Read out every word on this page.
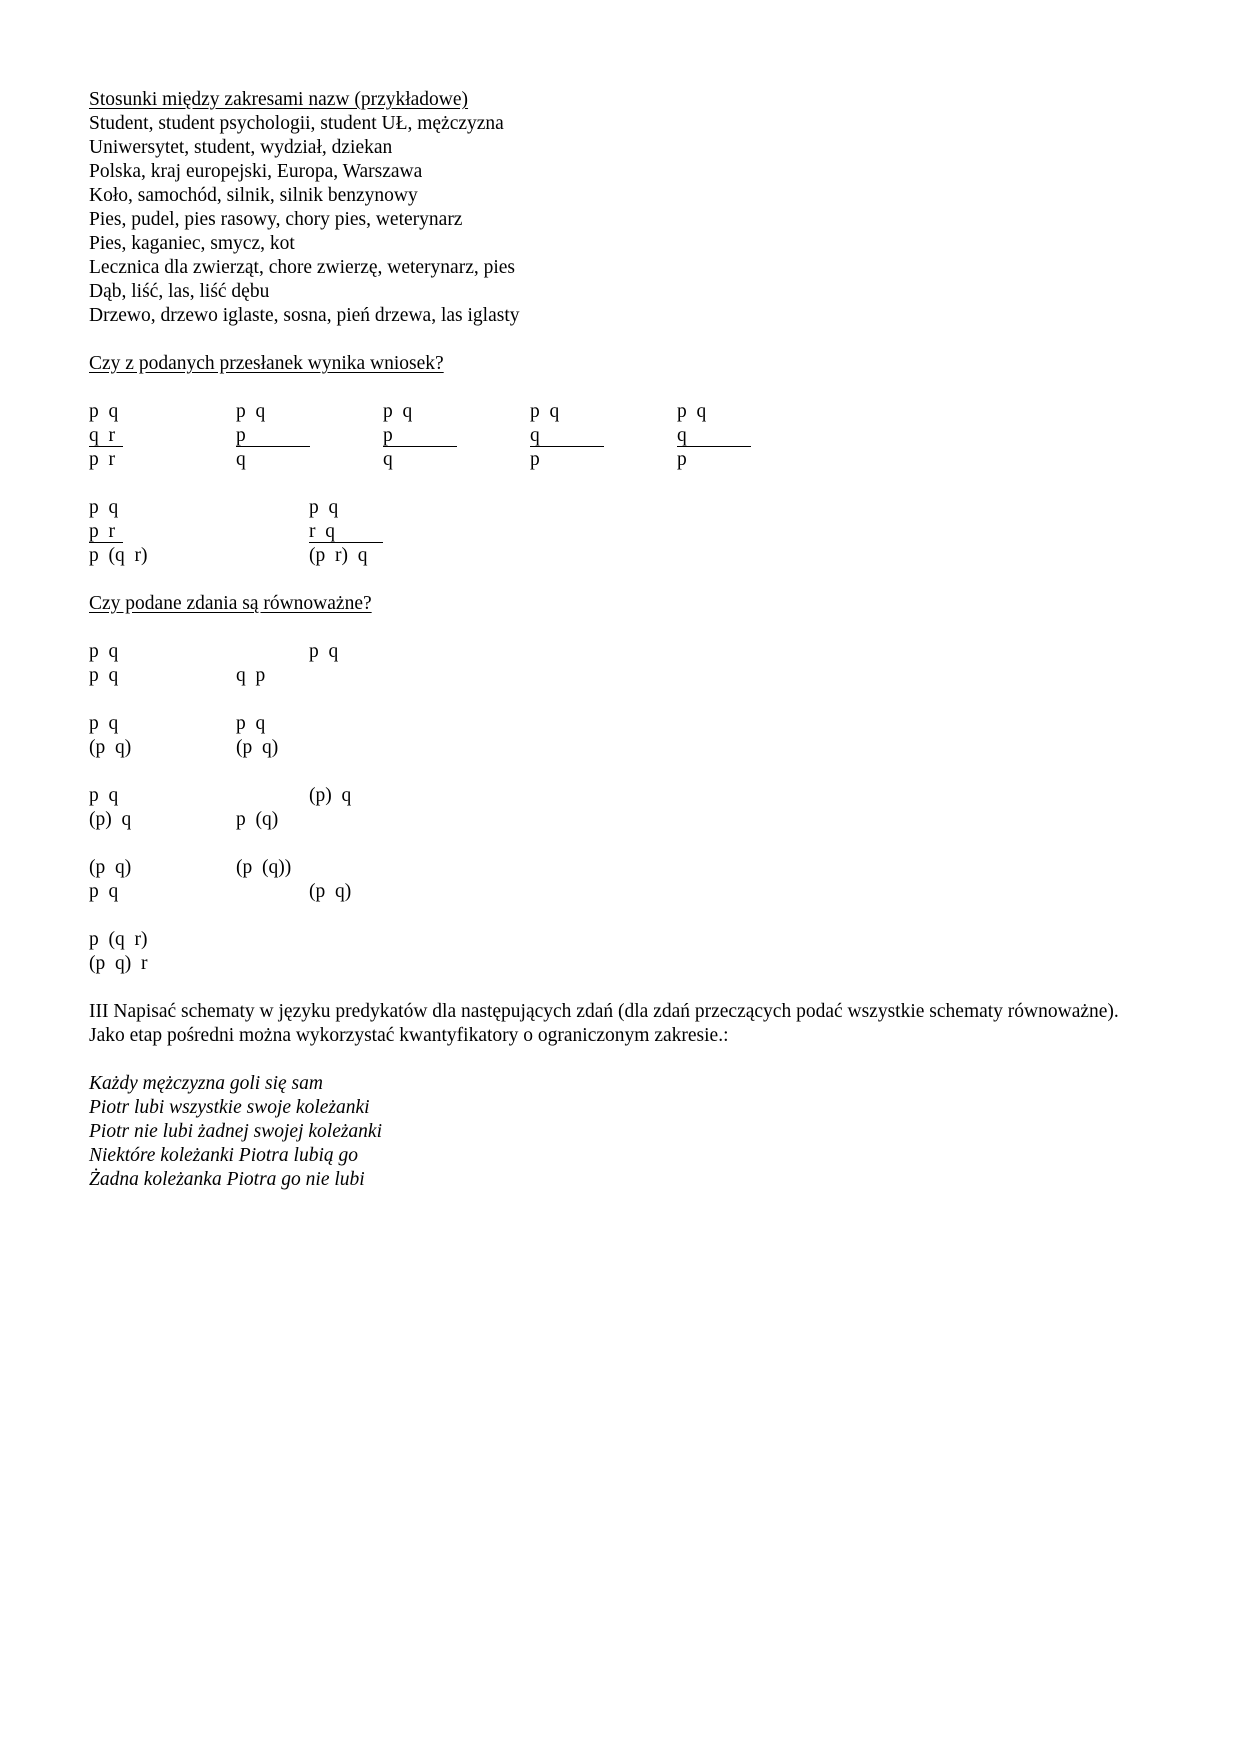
Stosunki między zakresami nazw (przykładowe)
Student, student psychologii, student UŁ, mężczyzna
Uniwersytet, student, wydział, dziekan
Polska, kraj europejski, Europa, Warszawa
Koło, samochód, silnik, silnik benzynowy
Pies, pudel, pies rasowy, chory pies, weterynarz
Pies, kaganiec, smycz, kot
Lecznica dla zwierząt, chore zwierzę, weterynarz, pies
Dąb, liść, las, liść dębu
Drzewo, drzewo iglaste, sosna, pień drzewa, las iglasty
Czy z podanych przesłanek wynika wniosek?
p  q	p  q	p  q	p  q	p  q
q  r	p	p	q	q
p  r	q	q	p	p
p  q	p  q
p  r	r  q
p  (q  r)	(p  r)  q
Czy podane zdania są równoważne?
p  q	p  q
p  q	q  p
p  q	p  q
(p  q)	(p  q)
p  q	(p)  q
(p)  q	p  (q)
(p  q)	(p  (q))
p  q	(p  q)
p  (q  r)
(p  q)  r
III Napisać schematy w języku predykatów dla następujących zdań (dla zdań przeczących podać wszystkie schematy równoważne). Jako etap pośredni można wykorzystać kwantyfikatory o ograniczonym zakresie.:
Każdy mężczyzna goli się sam
Piotr lubi wszystkie swoje koleżanki
Piotr nie lubi żadnej swojej koleżanki
Niektóre koleżanki Piotra lubią go
Żadna koleżanka Piotra go nie lubi
